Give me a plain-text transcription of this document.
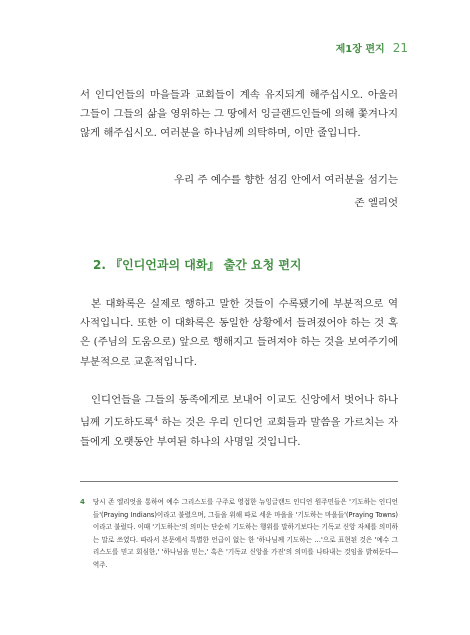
제1장 편지 21

서 인디언들의 마을들과 교회들이 계속 유지되게 해주십시오. 아울러 그들이 그들의 삶을 영위하는 그 땅에서 잉글랜드인들에 의해 쫓겨나지 않게 해주십시오. 여러분을 하나님께 의탁하며, 이만 줄입니다.

우리 주 예수를 향한 섬김 안에서 여러분을 섬기는

존 엘리엇

2. 『인디언과의 대화』 출간 요청 편지

본 대화록은 실제로 행하고 말한 것들이 수록됐기에 부분적으로 역사적입니다. 또한 이 대화록은 동일한 상황에서 들려졌어야 하는 것 혹은 (주님의 도움으로) 앞으로 행해지고 들려져야 하는 것을 보여주기에 부분적으로 교훈적입니다.

인디언들을 그들의 동족에게로 보내어 이교도 신앙에서 벗어나 하나님께 기도하도록$^4$ 하는 것은 우리 인디언 교회들과 말씀을 가르치는 자들에게 오랫동안 부여된 하나의 사명일 것입니다.

4 당시 존 엘리엇을 통하여 예수 그리스도를 구주로 영접한 뉴잉글랜드 인디언 원주민들은 '기도하는 인디언들'(Praying Indians)이라고 불렸으며, 그들을 위해 따로 세운 마을을 '기도하는 마을들'(Praying Towns)이라고 불렀다. 이때 '기도하는'의 의미는 단순히 기도하는 행위를 말하기보다는 기독교 신앙 자체를 의미하는 말로 쓰였다. 따라서 본문에서 특별한 언급이 없는 한 '하나님께 기도하는 …'으로 표현된 것은 '예수 그리스도를 믿고 회심한,' '하나님을 믿는,' 혹은 '기독교 신앙을 가진'의 의미를 나타내는 것임을 밝혀둔다―역주.
